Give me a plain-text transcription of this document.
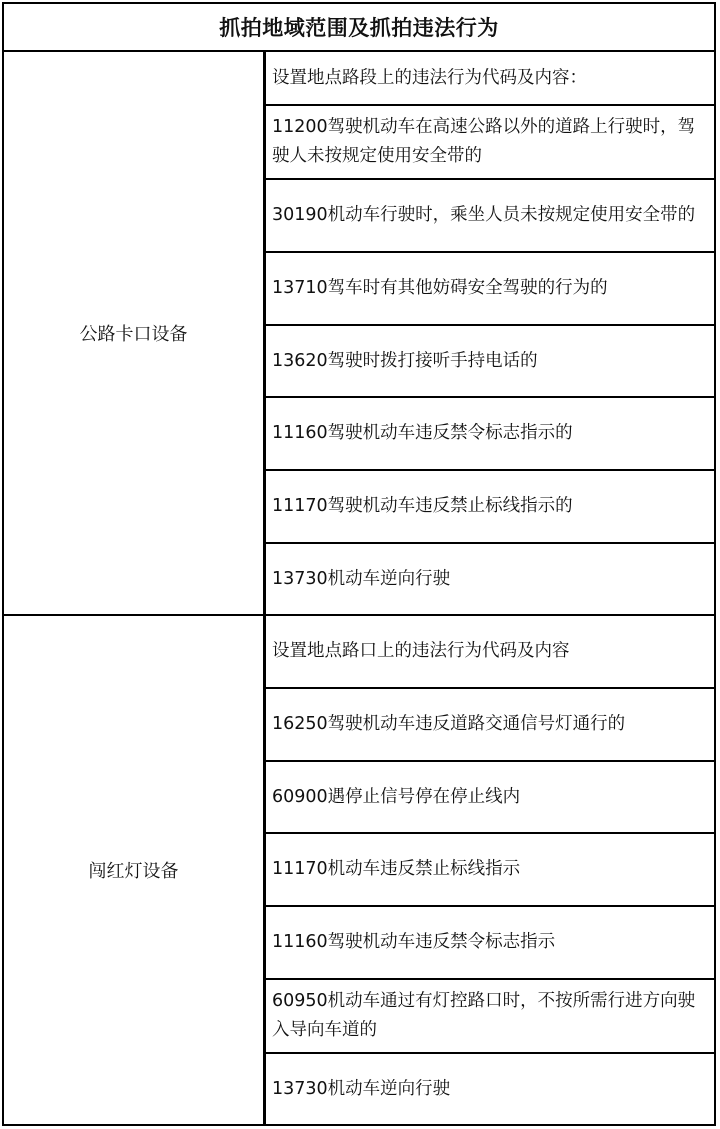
抓拍地域范围及抓拍违法行为
公路卡口设备
设置地点路段上的违法行为代码及内容：
11200驾驶机动车在高速公路以外的道路上行驶时，驾驶人未按规定使用安全带的
30190机动车行驶时，乘坐人员未按规定使用安全带的
13710驾车时有其他妨碍安全驾驶的行为的
13620驾驶时拨打接听手持电话的
11160驾驶机动车违反禁令标志指示的
11170驾驶机动车违反禁止标线指示的
13730机动车逆向行驶
闯红灯设备
设置地点路口上的违法行为代码及内容
16250驾驶机动车违反道路交通信号灯通行的
60900遇停止信号停在停止线内
11170机动车违反禁止标线指示
11160驾驶机动车违反禁令标志指示
60950机动车通过有灯控路口时，不按所需行进方向驶入导向车道的
13730机动车逆向行驶
